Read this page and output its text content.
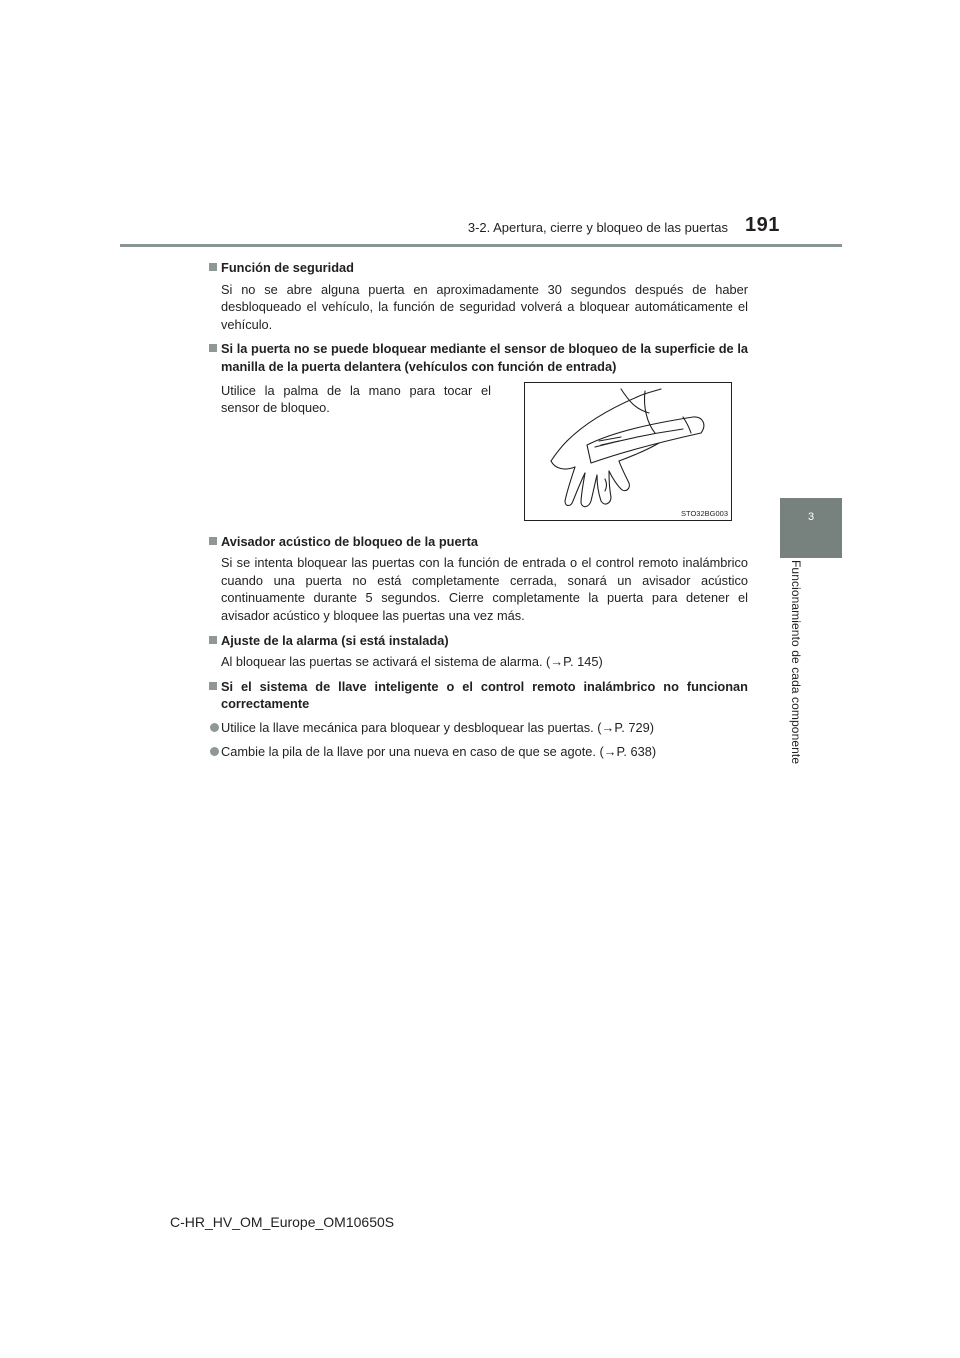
3-2. Apertura, cierre y bloqueo de las puertas 191
3
Funcionamiento de cada componente
Función de seguridad
Si no se abre alguna puerta en aproximadamente 30 segundos después de haber desbloqueado el vehículo, la función de seguridad volverá a bloquear automáticamente el vehículo.
Si la puerta no se puede bloquear mediante el sensor de bloqueo de la superficie de la manilla de la puerta delantera (vehículos con función de entrada)
Utilice la palma de la mano para tocar el sensor de bloqueo.
STO32BG003
Avisador acústico de bloqueo de la puerta
Si se intenta bloquear las puertas con la función de entrada o el control remoto inalámbrico cuando una puerta no está completamente cerrada, sonará un avisador acústico continuamente durante 5 segundos. Cierre completamente la puerta para detener el avisador acústico y bloquee las puertas una vez más.
Ajuste de la alarma (si está instalada)
Al bloquear las puertas se activará el sistema de alarma. (→P. 145)
Si el sistema de llave inteligente o el control remoto inalámbrico no funcionan correctamente
Utilice la llave mecánica para bloquear y desbloquear las puertas. (→P. 729)
Cambie la pila de la llave por una nueva en caso de que se agote. (→P. 638)
C-HR_HV_OM_Europe_OM10650S
